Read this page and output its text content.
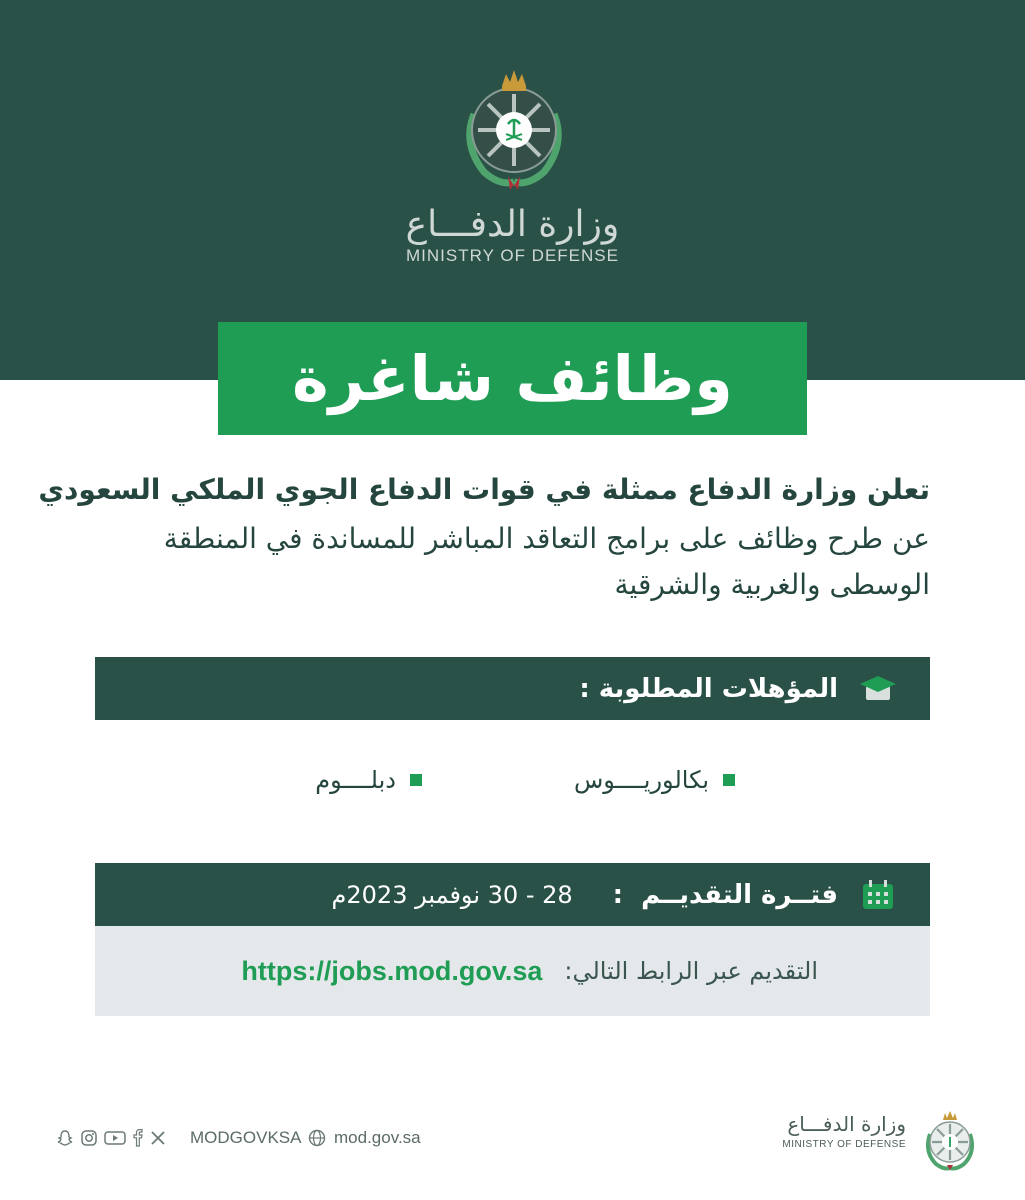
وزارة الدفـــاع
MINISTRY OF DEFENSE
وظائف شاغرة
تعلن وزارة الدفاع ممثلة في قوات الدفاع الجوي الملكي السعودي
عن طرح وظائف على برامج التعاقد المباشر للمساندة في المنطقة الوسطى والغربية والشرقية
المؤهلات المطلوبة :
بكالوريــــوس
دبلــــوم
فتــرة التقديــم
:
28 - 30 نوفمبر 2023م
التقديم عبر الرابط التالي:
https://jobs.mod.gov.sa
MODGOVKSA mod.gov.sa
وزارة الدفـــاع
MINISTRY OF DEFENSE
